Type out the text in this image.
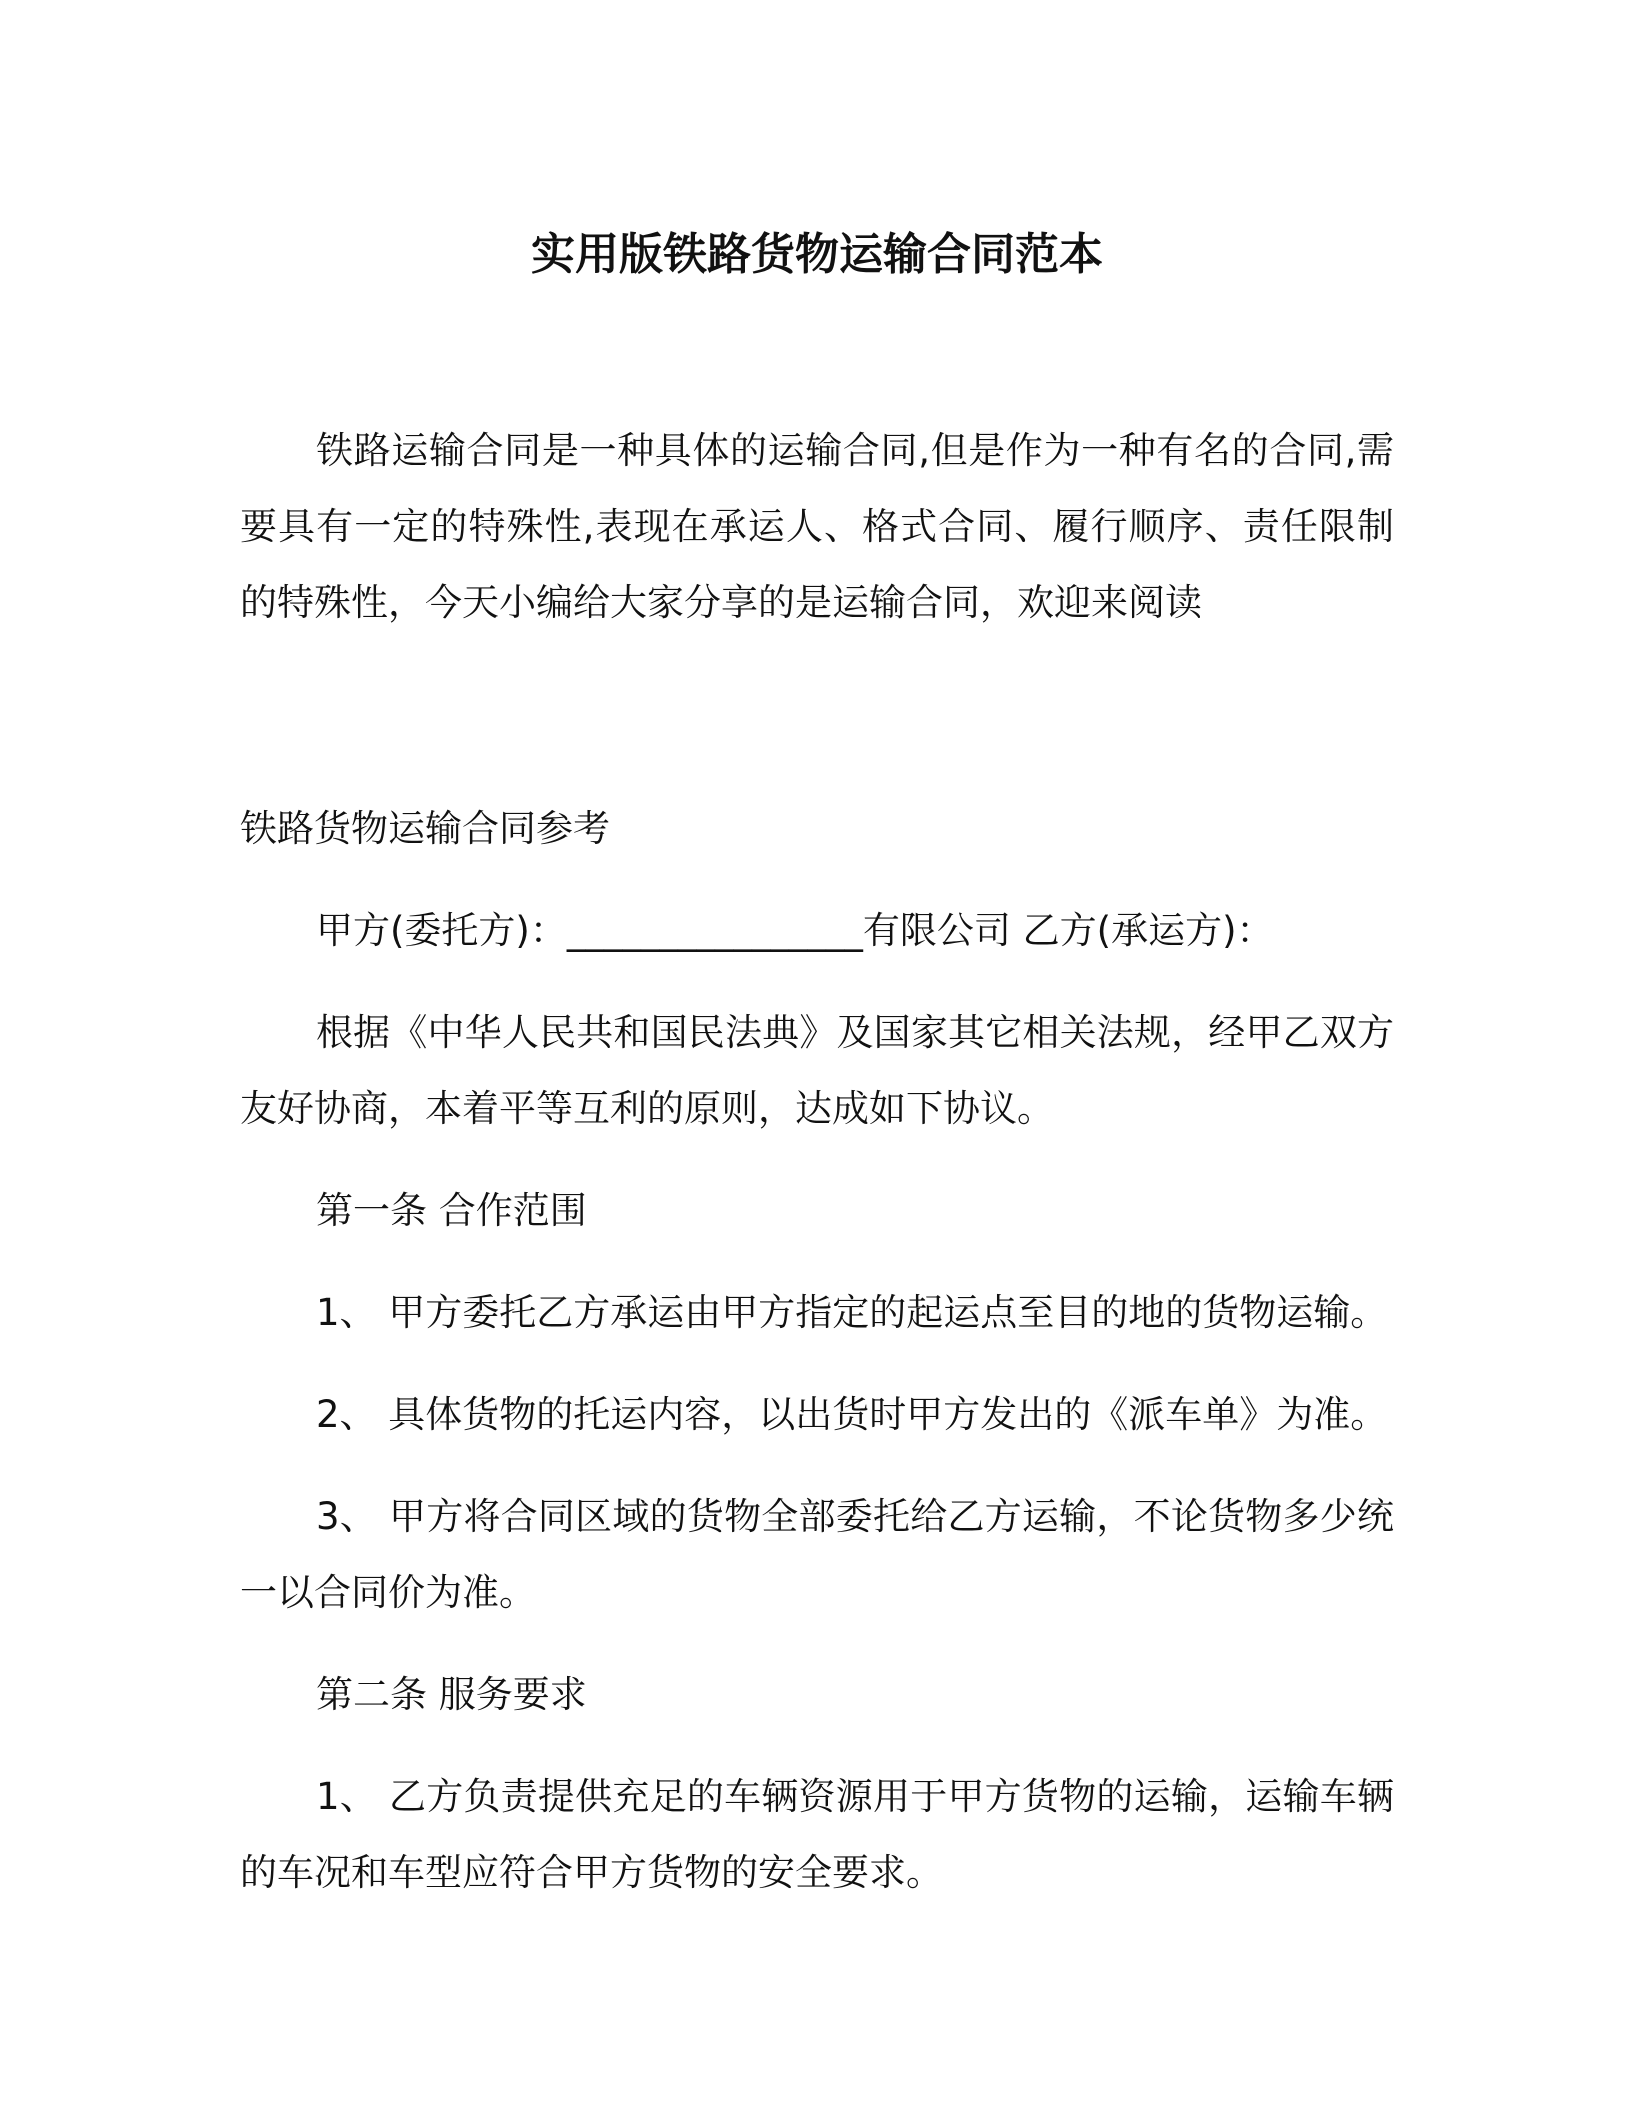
实用版铁路货物运输合同范本

铁路运输合同是一种具体的运输合同,但是作为一种有名的合同,需要具有一定的特殊性,表现在承运人、格式合同、履行顺序、责任限制的特殊性，今天小编给大家分享的是运输合同，欢迎来阅读

铁路货物运输合同参考

甲方(委托方)：________________有限公司 乙方(承运方)：

根据《中华人民共和国民法典》及国家其它相关法规，经甲乙双方友好协商，本着平等互利的原则，达成如下协议。

第一条 合作范围

1、 甲方委托乙方承运由甲方指定的起运点至目的地的货物运输。

2、 具体货物的托运内容，以出货时甲方发出的《派车单》为准。

3、 甲方将合同区域的货物全部委托给乙方运输，不论货物多少统一以合同价为准。

第二条 服务要求

1、 乙方负责提供充足的车辆资源用于甲方货物的运输，运输车辆的车况和车型应符合甲方货物的安全要求。
